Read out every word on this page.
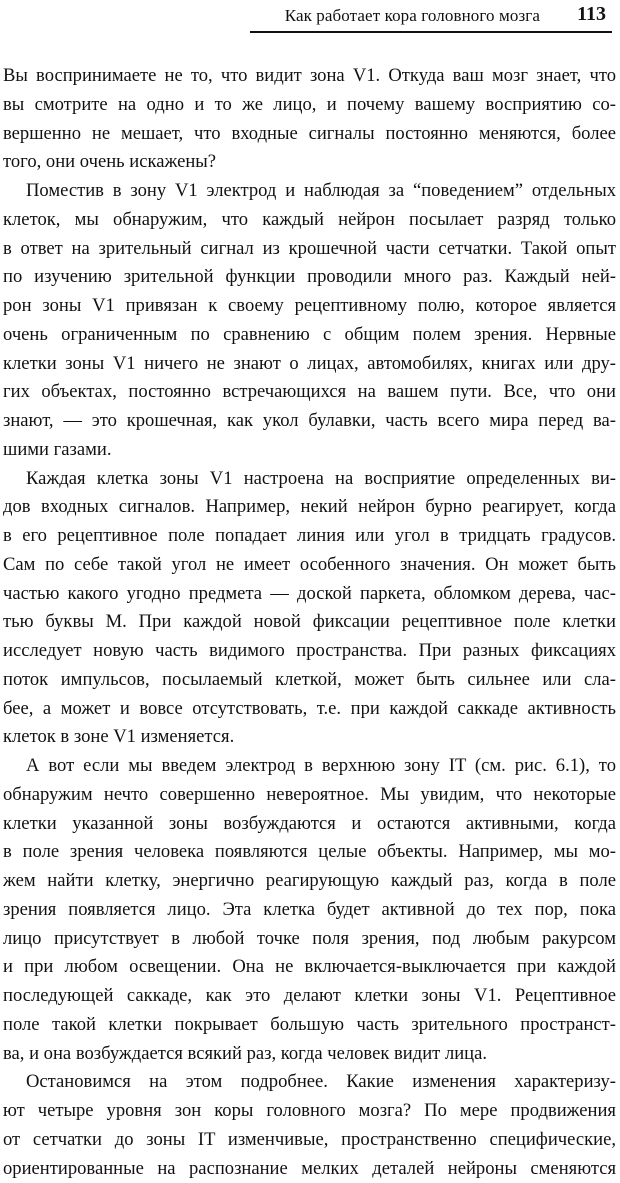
Как работает кора головного мозга 113
Вы воспринимаете не то, что видит зона V1. Откуда ваш мозг знает, что
вы смотрите на одно и то же лицо, и почему вашему восприятию со-
вершенно не мешает, что входные сигналы постоянно меняются, более
того, они очень искажены?
Поместив в зону V1 электрод и наблюдая за “поведением” отдельных
клеток, мы обнаружим, что каждый нейрон посылает разряд только
в ответ на зрительный сигнал из крошечной части сетчатки. Такой опыт
по изучению зрительной функции проводили много раз. Каждый ней-
рон зоны V1 привязан к своему рецептивному полю, которое является
очень ограниченным по сравнению с общим полем зрения. Нервные
клетки зоны V1 ничего не знают о лицах, автомобилях, книгах или дру-
гих объектах, постоянно встречающихся на вашем пути. Все, что они
знают, — это крошечная, как укол булавки, часть всего мира перед ва-
шими газами.
Каждая клетка зоны V1 настроена на восприятие определенных ви-
дов входных сигналов. Например, некий нейрон бурно реагирует, когда
в его рецептивное поле попадает линия или угол в тридцать градусов.
Сам по себе такой угол не имеет особенного значения. Он может быть
частью какого угодно предмета — доской паркета, обломком дерева, час-
тью буквы М. При каждой новой фиксации рецептивное поле клетки
исследует новую часть видимого пространства. При разных фиксациях
поток импульсов, посылаемый клеткой, может быть сильнее или сла-
бее, а может и вовсе отсутствовать, т.е. при каждой саккаде активность
клеток в зоне V1 изменяется.
А вот если мы введем электрод в верхнюю зону IT (см. рис. 6.1), то
обнаружим нечто совершенно невероятное. Мы увидим, что некоторые
клетки указанной зоны возбуждаются и остаются активными, когда
в поле зрения человека появляются целые объекты. Например, мы мо-
жем найти клетку, энергично реагирующую каждый раз, когда в поле
зрения появляется лицо. Эта клетка будет активной до тех пор, пока
лицо присутствует в любой точке поля зрения, под любым ракурсом
и при любом освещении. Она не включается-выключается при каждой
последующей саккаде, как это делают клетки зоны V1. Рецептивное
поле такой клетки покрывает большую часть зрительного пространст-
ва, и она возбуждается всякий раз, когда человек видит лица.
Остановимся на этом подробнее. Какие изменения характеризу-
ют четыре уровня зон коры головного мозга? По мере продвижения
от сетчатки до зоны IT изменчивые, пространственно специфические,
ориентированные на распознание мелких деталей нейроны сменяются
